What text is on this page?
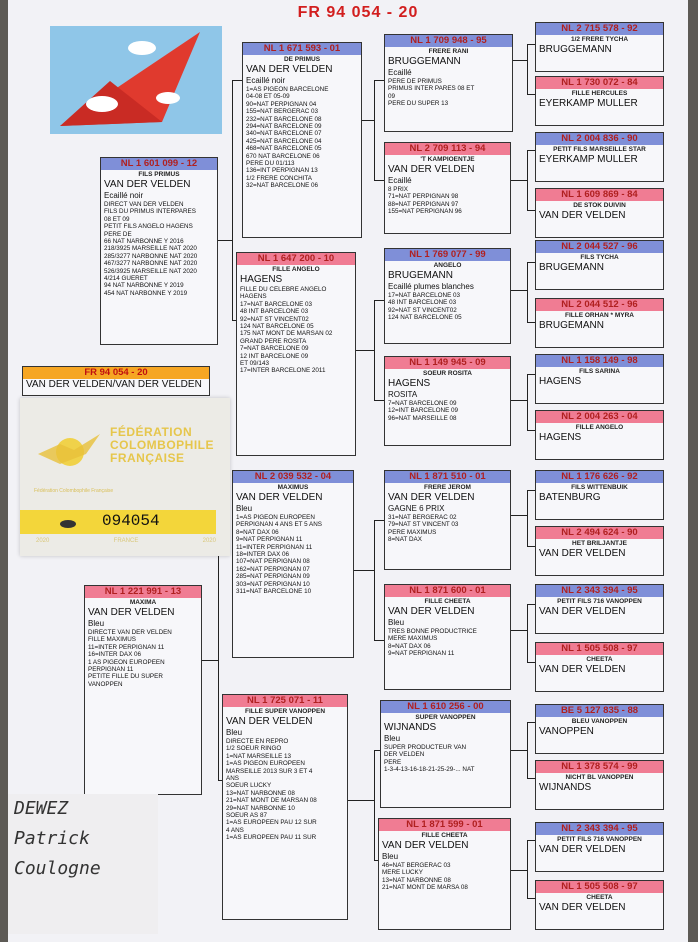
FR 94 054 - 20
FR 94 054 - 20
VAN DER VELDEN/VAN DER VELDEN
NL 1 601 099 - 12
FILS PRIMUS
VAN DER VELDEN
Ecaillé noir
DIRECT VAN DER VELDEN
FILS DU PRIMUS INTERPARES
08 ET 09
PETIT FILS ANGELO HAGENS
PERE DE
66 NAT NARBONNE Y 2016
218/3925 MARSEILLE NAT 2020
285/3277 NARBONNE NAT 2020
467/3277 NARBONNE NAT 2020
526/3925 MARSEILLE NAT 2020
4/214 GUERET
94 NAT NARBONNE Y 2019
454 NAT NARBONNE Y 2019
NL 1 221 991 - 13
MAXIMA
VAN DER VELDEN
Bleu
DIRECTE VAN DER VELDEN
FILLE MAXIMUS
11=INTER PERPIGNAN 11
16=INTER DAX 06
1 AS PIGEON EUROPEEN
PERPIGNAN 11
PETITE FILLE DU SUPER
VANOPPEN
NL 1 671 593 - 01
DE PRIMUS
VAN DER VELDEN
Ecaillé noir
1=AS PIGEON BARCELONE
04-08 ET 05-09
90=NAT PERPIGNAN 04
155=NAT BERGERAC 03
232=NAT BARCELONE 08
294=NAT BARCELONE 09
340=NAT BARCELONE 07
425=NAT BARCELONE 04
468=NAT BARCELONE 05
670 NAT BARCELONE 06
PERE DU 01/113
136=INT PERPIGNAN 13
1/2 FRERE CONCHITA
32=NAT BARCELONE 06
NL 1 647 200 - 10
FILLE ANGELO
HAGENS
FILLE DU CELEBRE ANGELO
HAGENS
17=NAT BARCELONE 03
48 INT BARCELONE 03
92=NAT ST VINCENT02
124 NAT BARCELONE 05
175 NAT MONT DE MARSAN 02
GRAND PERE ROSITA
7=NAT BARCELONE 09
12 INT BARCELONE 09
ET 09/143
17=INTER BARCELONE 2011
NL 2 039 532 - 04
MAXIMUS
VAN DER VELDEN
Bleu
1=AS PIGEON EUROPEEN
PERPIGNAN 4 ANS ET 5 ANS
8=NAT DAX 06
9=NAT PERPIGNAN 11
11=INTER PERPIGNAN 11
18=INTER DAX 06
107=NAT PERPIGNAN 08
162=NAT PERPIGNAN 07
285=NAT PERPIGNAN 09
303=NAT PERPIGNAN 10
311=NAT BARCELONE 10
NL 1 725 071 - 11
FILLE SUPER VANOPPEN
VAN DER VELDEN
Bleu
DIRECTE EN REPRO
1/2 SOEUR RINGO
1=NAT MARSEILLE 13
1=AS PIGEON EUROPEEN
MARSEILLE 2013 SUR 3 ET 4
ANS
SOEUR LUCKY
13=NAT NARBONNE 08
21=NAT MONT DE MARSAN 08
29=NAT NARBONNE 10
SOEUR AS 87
1=AS EUROPEEN PAU 12 SUR
4 ANS
1=AS EUROPEEN PAU 11 SUR
NL 1 709 948 - 95
FRERE RANI
BRUGGEMANN
Ecaillé
PERE DE PRIMUS
PRIMUS INTER PARES 08 ET
09
PERE DU SUPER 13
NL 2 709 113 - 94
'T KAMPIOENTJE
VAN DER VELDEN
Ecaillé
8 PRIX
71=NAT PERPIGNAN 98
88=NAT PERPIGNAN 97
155=NAT PERPIGNAN 96
NL 1 769 077 - 99
ANGELO
BRUGEMANN
Ecaillé plumes blanches
17=NAT BARCELONE 03
48 INT BARCELONE 03
92=NAT ST VINCENT02
124 NAT BARCELONE 05
NL 1 149 945 - 09
SOEUR ROSITA
HAGENS
ROSITA
7=NAT BARCELONE 09
12=INT BARCELONE 09
96=NAT MARSEILLE 08
NL 1 871 510 - 01
FRERE JEROM
VAN DER VELDEN
GAGNE 6 PRIX
31=NAT BERGERAC 02
79=NAT ST VINCENT 03
PERE MAXIMUS
8=NAT DAX
NL 1 871 600 - 01
FILLE CHEETA
VAN DER VELDEN
Bleu
TRES BONNE PRODUCTRICE
MERE MAXIMUS
8=NAT DAX 06
9=NAT PERPIGNAN 11
NL 1 610 256 - 00
SUPER VANOPPEN
WIJNANDS
Bleu
SUPER PRODUCTEUR VAN
DER VELDEN
PERE
1-3-4-13-16-18-21-25-29-... NAT
NL 1 871 599 - 01
FILLE CHEETA
VAN DER VELDEN
Bleu
46=NAT BERGERAC 03
MERE LUCKY
13=NAT NARBONNE 08
21=NAT MONT DE MARSA 08
NL 2 715 578 - 92
1/2 FRERE TYCHA
BRUGGEMANN
NL 1 730 072 - 84
FILLE HERCULES
EYERKAMP MULLER
NL 2 004 836 - 90
PETIT FILS MARSEILLE STAR
EYERKAMP MULLER
NL 1 609 869 - 84
DE STOK DUIVIN
VAN DER VELDEN
NL 2 044 527 - 96
FILS TYCHA
BRUGEMANN
NL 2 044 512 - 96
FILLE ORHAN * MYRA
BRUGEMANN
NL 1 158 149 - 98
FILS SARINA
HAGENS
NL 2 004 263 - 04
FILLE ANGELO
HAGENS
NL 1 176 626 - 92
FILS WITTENBUIK
BATENBURG
NL 2 494 624 - 90
HET BRILJANTJE
VAN DER VELDEN
NL 2 343 394 - 95
PETIT FILS 716 VANOPPEN
VAN DER VELDEN
NL 1 505 508 - 97
CHEETA
VAN DER VELDEN
BE 5 127 835 - 88
BLEU VANOPPEN
VANOPPEN
NL 1 378 574 - 99
NICHT BL VANOPPEN
WIJNANDS
NL 2 343 394 - 95
PETIT FILS 716 VANOPPEN
VAN DER VELDEN
NL 1 505 508 - 97
CHEETA
VAN DER VELDEN
FÉDÉRATION
COLOMBOPHILE
FRANÇAISE
Fédération Colombophile Française
094054
2020	FRANCE	2020
DEWEZ
Patrick
Coulogne
